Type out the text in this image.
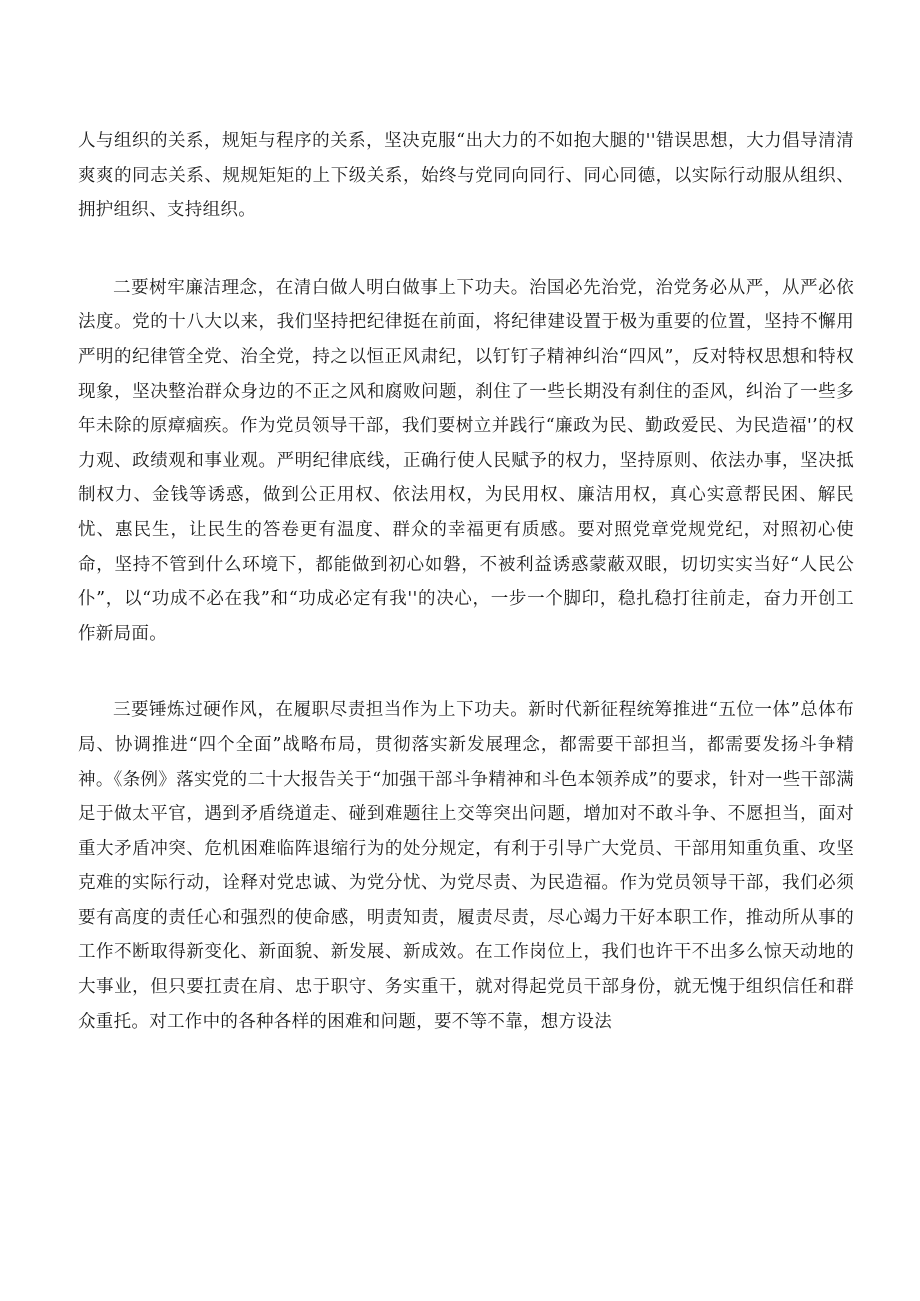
人与组织的关系，规矩与程序的关系，坚决克服“出大力的不如抱大腿的''错误思想，大力倡导清清爽爽的同志关系、规规矩矩的上下级关系，始终与党同向同行、同心同德，以实际行动服从组织、拥护组织、支持组织。

二要树牢廉洁理念，在清白做人明白做事上下功夫。治国必先治党，治党务必从严，从严必依法度。党的十八大以来，我们坚持把纪律挺在前面，将纪律建设置于极为重要的位置，坚持不懈用严明的纪律管全党、治全党，持之以恒正风肃纪，以钉钉子精神纠治“四风”，反对特权思想和特权现象，坚决整治群众身边的不正之风和腐败问题，刹住了一些长期没有刹住的歪风，纠治了一些多年未除的原瘴痼疾。作为党员领导干部，我们要树立并践行“廉政为民、勤政爱民、为民造福'’的权力观、政绩观和事业观。严明纪律底线，正确行使人民赋予的权力，坚持原则、依法办事，坚决抵制权力、金钱等诱惑，做到公正用权、依法用权，为民用权、廉洁用权，真心实意帮民困、解民忧、惠民生，让民生的答卷更有温度、群众的幸福更有质感。要对照党章党规党纪，对照初心使命，坚持不管到什么环境下，都能做到初心如磐，不被利益诱惑蒙蔽双眼，切切实实当好“人民公仆”，以“功成不必在我”和“功成必定有我''的决心，一步一个脚印，稳扎稳打往前走，奋力开创工作新局面。

三要锤炼过硬作风，在履职尽责担当作为上下功夫。新时代新征程统筹推进“五位一体”总体布局、协调推进“四个全面”战略布局，贯彻落实新发展理念，都需要干部担当，都需要发扬斗争精神。《条例》落实党的二十大报告关于“加强干部斗争精神和斗色本领养成”的要求，针对一些干部满足于做太平官，遇到矛盾绕道走、碰到难题往上交等突出问题，增加对不敢斗争、不愿担当，面对重大矛盾冲突、危机困难临阵退缩行为的处分规定，有利于引导广大党员、干部用知重负重、攻坚克难的实际行动，诠释对党忠诚、为党分忧、为党尽责、为民造福。作为党员领导干部，我们必须要有高度的责任心和强烈的使命感，明责知责，履责尽责，尽心竭力干好本职工作，推动所从事的工作不断取得新变化、新面貌、新发展、新成效。在工作岗位上，我们也许干不出多么惊天动地的大事业，但只要扛责在肩、忠于职守、务实重干，就对得起党员干部身份，就无愧于组织信任和群众重托。对工作中的各种各样的困难和问题，要不等不靠，想方设法
